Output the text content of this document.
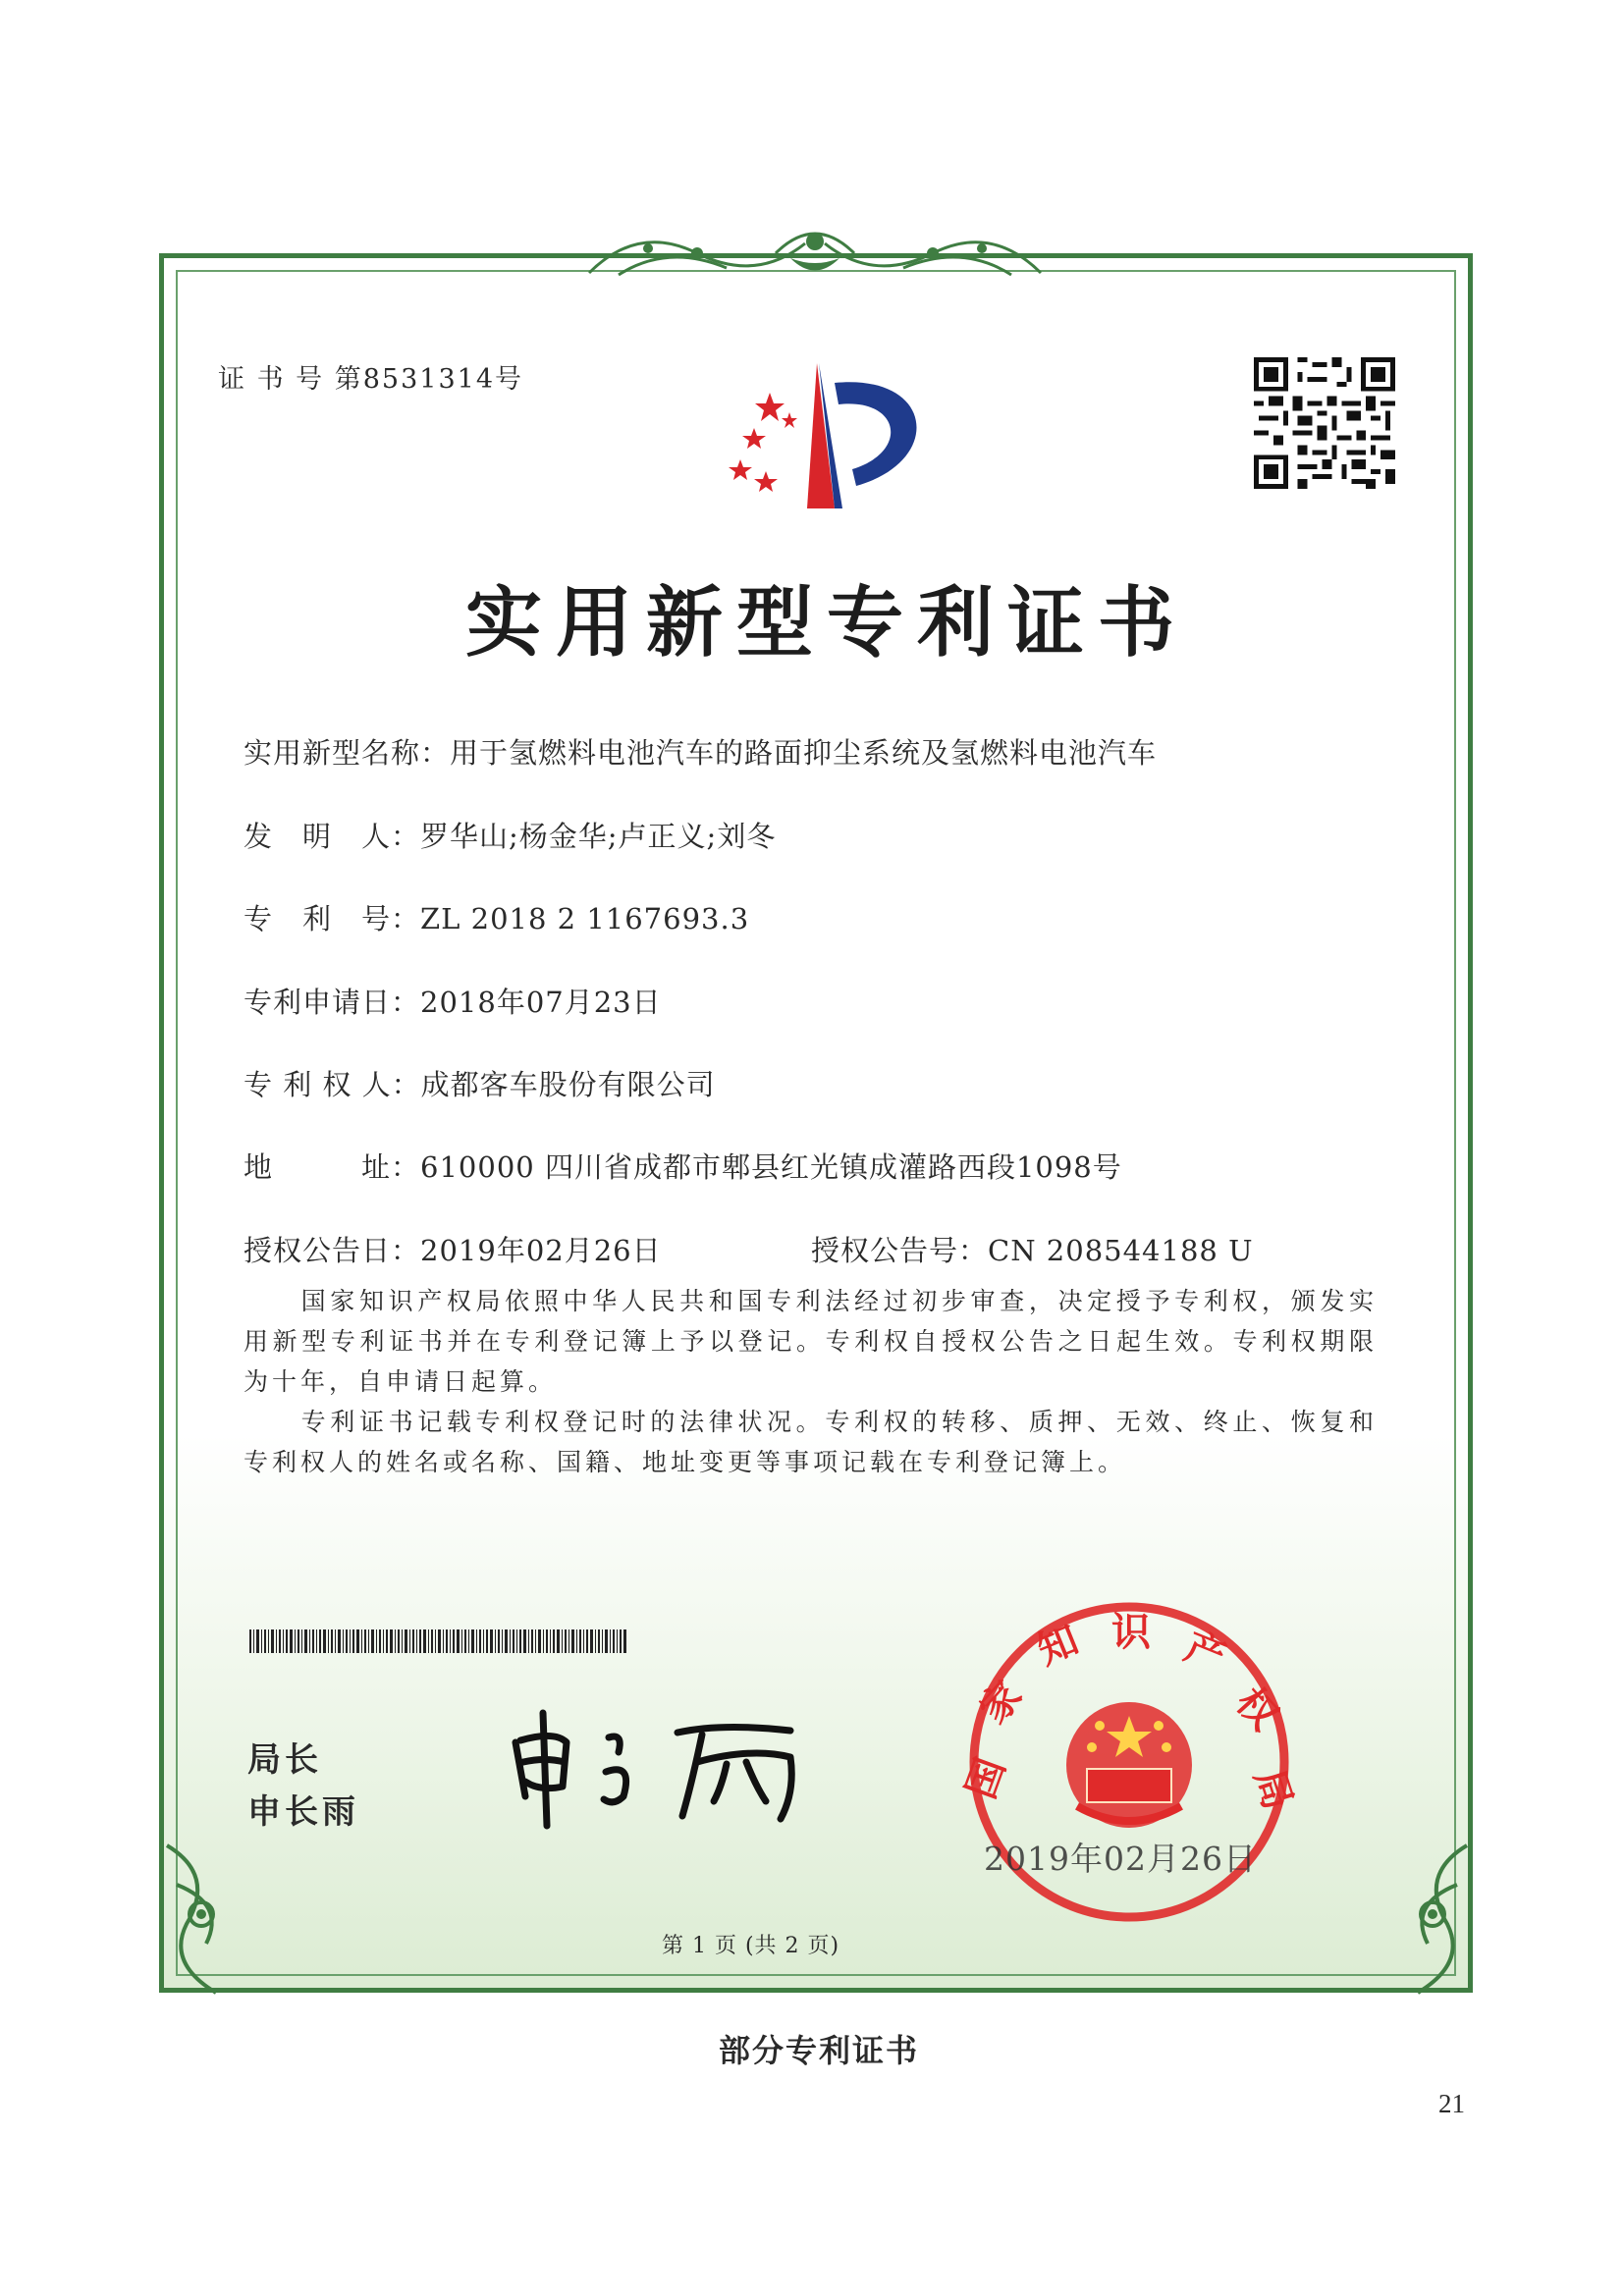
证 书 号 第8531314号
实用新型专利证书
实用新型名称：用于氢燃料电池汽车的路面抑尘系统及氢燃料电池汽车
发　明　人：罗华山;杨金华;卢正义;刘冬
专　利　号：ZL 2018 2 1167693.3
专利申请日：2018年07月23日
专 利 权 人：成都客车股份有限公司
地　　　址：610000 四川省成都市郫县红光镇成灌路西段1098号
授权公告日：2019年02月26日	授权公告号：CN 208544188 U
国家知识产权局依照中华人民共和国专利法经过初步审查，决定授予专利权，颁发实用新型专利证书并在专利登记簿上予以登记。专利权自授权公告之日起生效。专利权期限为十年，自申请日起算。
专利证书记载专利权登记时的法律状况。专利权的转移、质押、无效、终止、恢复和专利权人的姓名或名称、国籍、地址变更等事项记载在专利登记簿上。
局长
申长雨
国
家
知 识 产
权
局
2019年02月26日
第 1 页 (共 2 页)
部分专利证书
21
